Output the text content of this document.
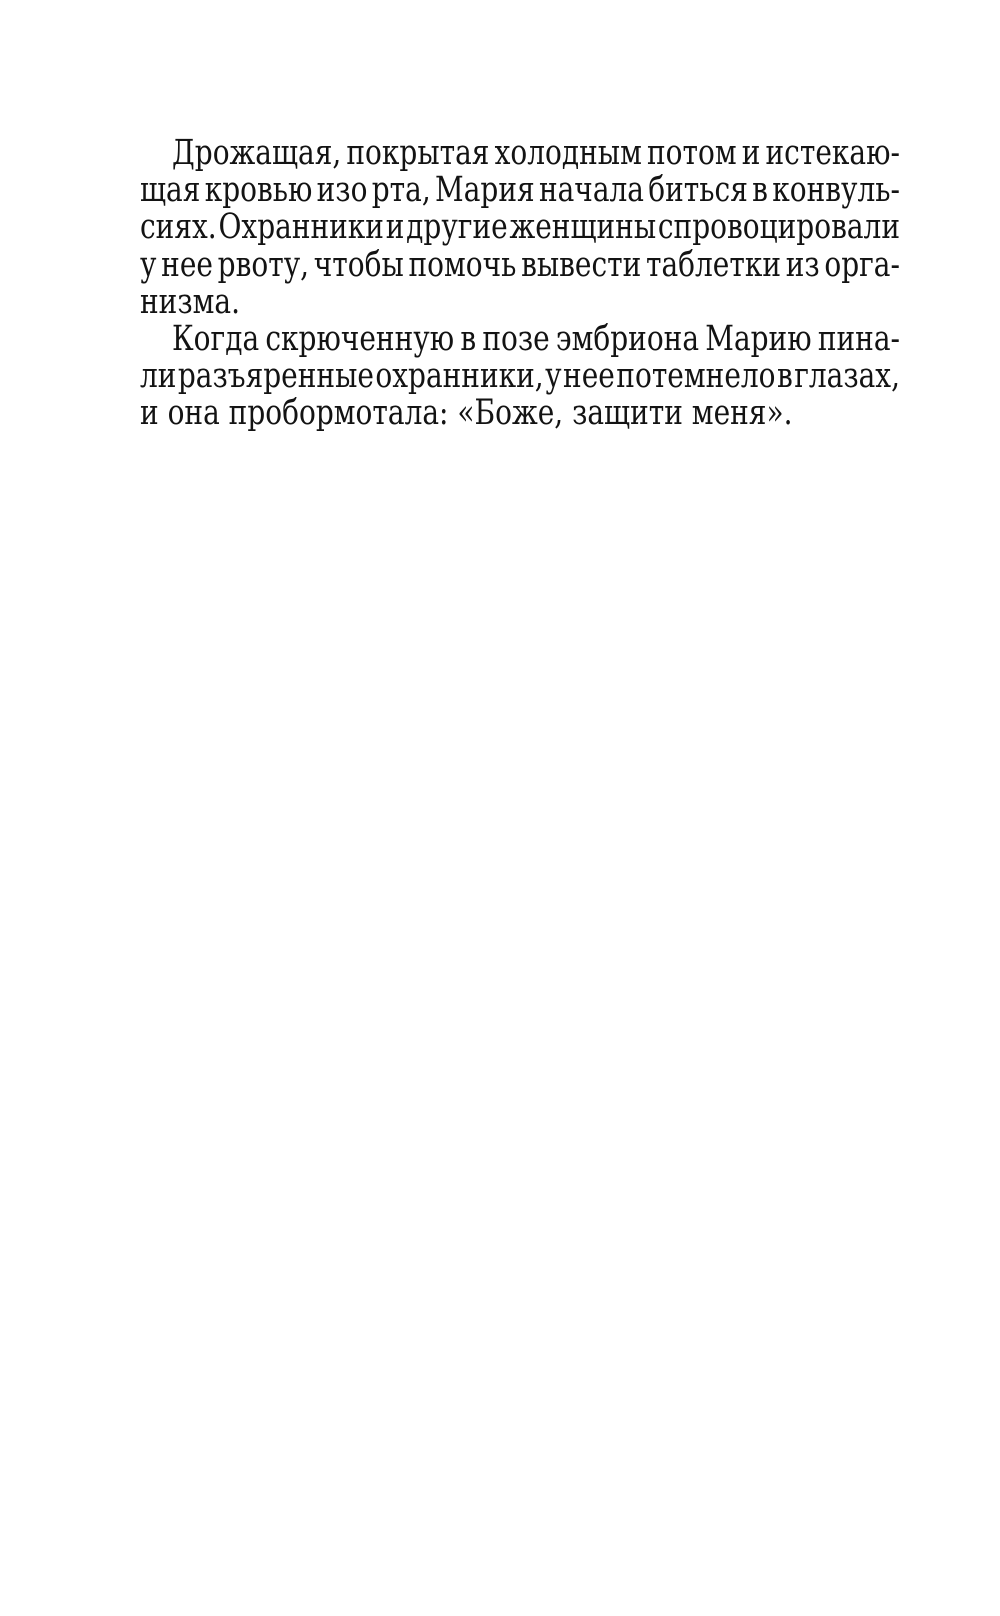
Дрожащая, покрытая холодным потом и истекаю-
щая кровью изо рта, Мария начала биться в конвуль-
сиях. Охранники и другие женщины спровоцировали
у нее рвоту, чтобы помочь вывести таблетки из орга-
низма.
Когда скрюченную в позе эмбриона Марию пина-
ли разъяренные охранники, у нее потемнело в глазах,
и она пробормотала: «Боже, защити меня».
